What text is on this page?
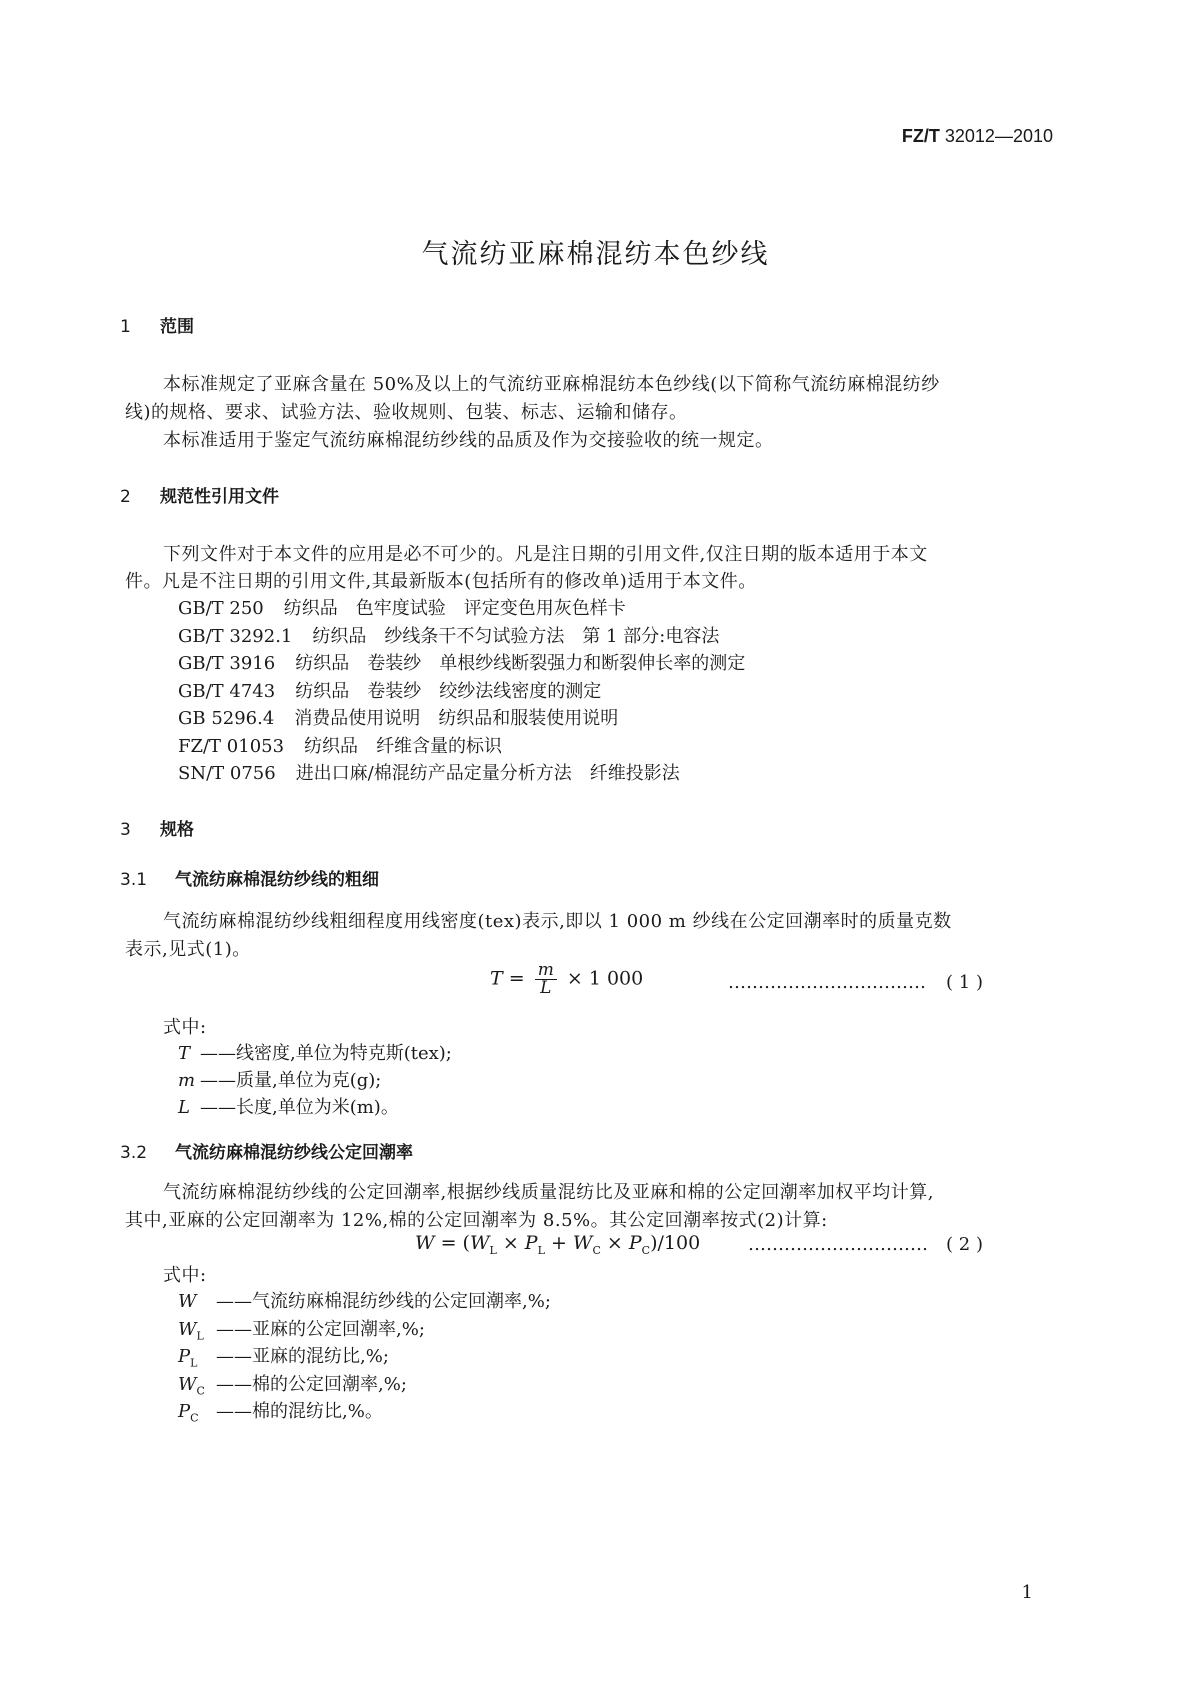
FZ/T 32012—2010
气流纺亚麻棉混纺本色纱线
1 范围
本标准规定了亚麻含量在 50%及以上的气流纺亚麻棉混纺本色纱线(以下简称气流纺麻棉混纺纱
线)的规格、要求、试验方法、验收规则、包装、标志、运输和储存。
本标准适用于鉴定气流纺麻棉混纺纱线的品质及作为交接验收的统一规定。
2 规范性引用文件
下列文件对于本文件的应用是必不可少的。凡是注日期的引用文件,仅注日期的版本适用于本文
件。凡是不注日期的引用文件,其最新版本(包括所有的修改单)适用于本文件。
GB/T 250 纺织品 色牢度试验 评定变色用灰色样卡
GB/T 3292.1 纺织品 纱线条干不匀试验方法 第 1 部分:电容法
GB/T 3916 纺织品 卷装纱 单根纱线断裂强力和断裂伸长率的测定
GB/T 4743 纺织品 卷装纱 绞纱法线密度的测定
GB 5296.4 消费品使用说明 纺织品和服装使用说明
FZ/T 01053 纺织品 纤维含量的标识
SN/T 0756 进出口麻/棉混纺产品定量分析方法 纤维投影法
3 规格
3.1 气流纺麻棉混纺纱线的粗细
气流纺麻棉混纺纱线粗细程度用线密度(tex)表示,即以 1 000 m 纱线在公定回潮率时的质量克数
表示,见式(1)。
$T = \frac{m}{L} \times 1$ 000	…………………………… ( 1 )
式中:
T ——线密度,单位为特克斯(tex);
m ——质量,单位为克(g);
L ——长度,单位为米(m)。
3.2 气流纺麻棉混纺纱线公定回潮率
气流纺麻棉混纺纱线的公定回潮率,根据纱线质量混纺比及亚麻和棉的公定回潮率加权平均计算,
其中,亚麻的公定回潮率为 12%,棉的公定回潮率为 8.5%。其公定回潮率按式(2)计算:
$W = (W_L \times P_L + W_C \times P_C)/100$	………………………… ( 2 )
式中:
W ——气流纺麻棉混纺纱线的公定回潮率,%;
$W_L$ ——亚麻的公定回潮率,%;
$P_L$ ——亚麻的混纺比,%;
$W_C$ ——棉的公定回潮率,%;
$P_C$ ——棉的混纺比,%。
1
